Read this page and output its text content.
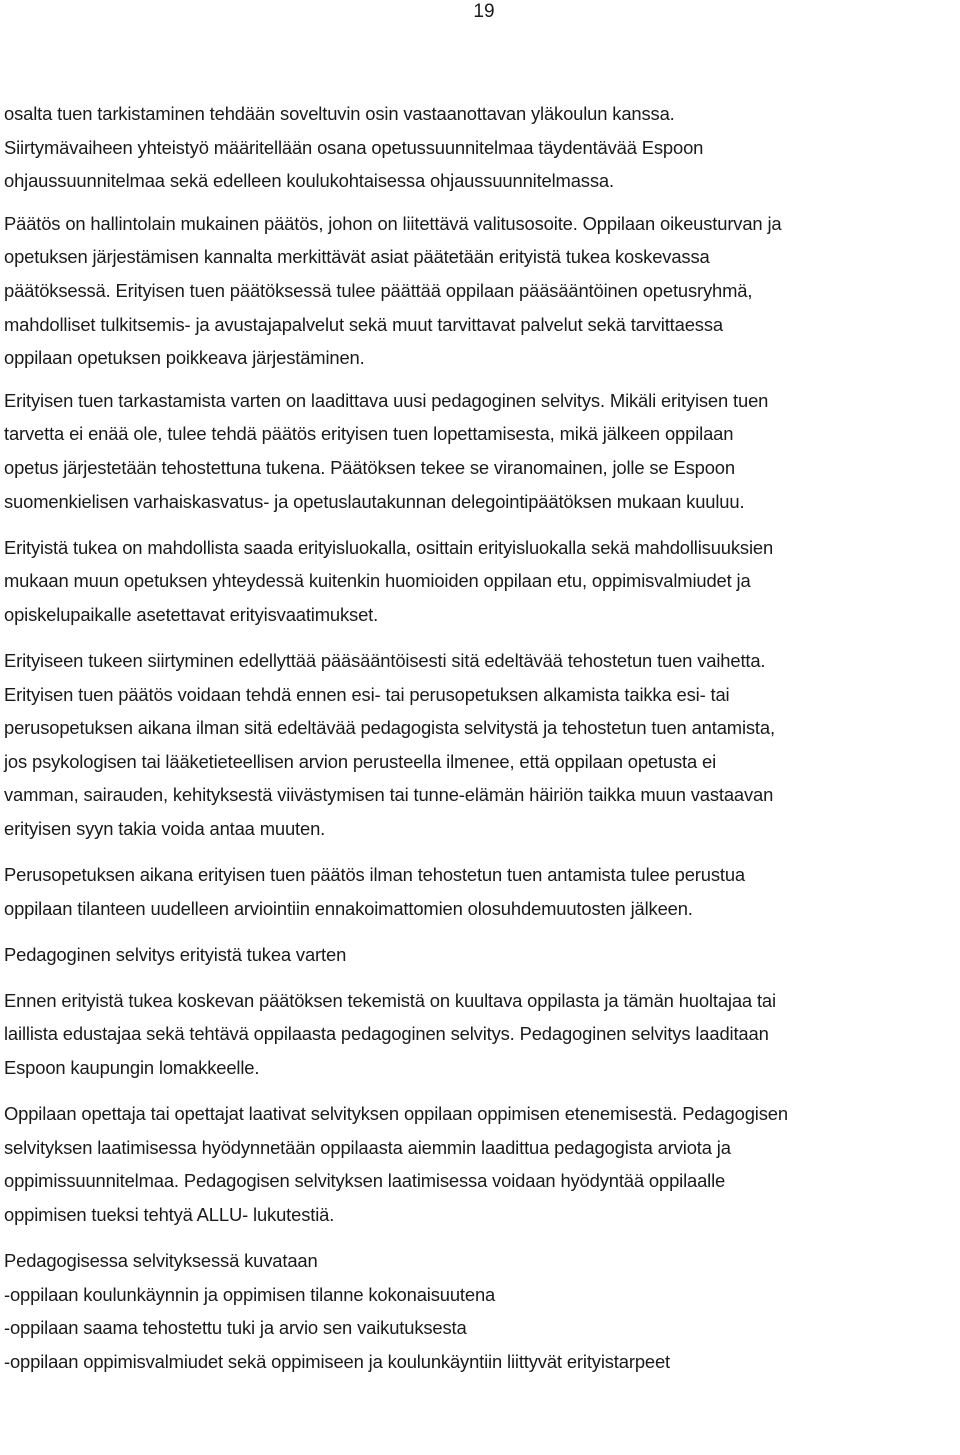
19

osalta tuen tarkistaminen tehdään soveltuvin osin vastaanottavan yläkoulun kanssa.

Siirtymävaiheen yhteistyö määritellään osana opetussuunnitelmaa täydentävää Espoon

ohjaussuunnitelmaa sekä edelleen koulukohtaisessa ohjaussuunnitelmassa.

Päätös on hallintolain mukainen päätös, johon on liitettävä valitusosoite. Oppilaan oikeusturvan ja

opetuksen järjestämisen kannalta merkittävät asiat päätetään erityistä tukea koskevassa

päätöksessä. Erityisen tuen päätöksessä tulee päättää oppilaan pääsääntöinen opetusryhmä,

mahdolliset tulkitsemis- ja avustajapalvelut sekä muut tarvittavat palvelut sekä tarvittaessa

oppilaan opetuksen poikkeava järjestäminen.

Erityisen tuen tarkastamista varten on laadittava uusi pedagoginen selvitys. Mikäli erityisen tuen

tarvetta ei enää ole, tulee tehdä päätös erityisen tuen lopettamisesta, mikä jälkeen oppilaan

opetus järjestetään tehostettuna tukena. Päätöksen tekee se viranomainen, jolle se Espoon

suomenkielisen varhaiskasvatus- ja opetuslautakunnan delegointipäätöksen mukaan kuuluu.

Erityistä tukea on mahdollista saada erityisluokalla, osittain erityisluokalla sekä mahdollisuuksien

mukaan muun opetuksen yhteydessä kuitenkin huomioiden oppilaan etu, oppimisvalmiudet ja

opiskelupaikalle asetettavat erityisvaatimukset.

Erityiseen tukeen siirtyminen edellyttää pääsääntöisesti sitä edeltävää tehostetun tuen vaihetta.

Erityisen tuen päätös voidaan tehdä ennen esi- tai perusopetuksen alkamista taikka esi- tai

perusopetuksen aikana ilman sitä edeltävää pedagogista selvitystä ja tehostetun tuen antamista,

jos psykologisen tai lääketieteellisen arvion perusteella ilmenee, että oppilaan opetusta ei

vamman, sairauden, kehityksestä viivästymisen tai tunne-elämän häiriön taikka muun vastaavan

erityisen syyn takia voida antaa muuten.

Perusopetuksen aikana erityisen tuen päätös ilman tehostetun tuen antamista tulee perustua

oppilaan tilanteen uudelleen arviointiin ennakoimattomien olosuhdemuutosten jälkeen.

Pedagoginen selvitys erityistä tukea varten

Ennen erityistä tukea koskevan päätöksen tekemistä on kuultava oppilasta ja tämän huoltajaa tai

laillista edustajaa sekä tehtävä oppilaasta pedagoginen selvitys. Pedagoginen selvitys laaditaan

Espoon kaupungin lomakkeelle.

Oppilaan opettaja tai opettajat laativat selvityksen oppilaan oppimisen etenemisestä. Pedagogisen

selvityksen laatimisessa hyödynnetään oppilaasta aiemmin laadittua pedagogista arviota ja

oppimissuunnitelmaa. Pedagogisen selvityksen laatimisessa voidaan hyödyntää oppilaalle

oppimisen tueksi tehtyä ALLU- lukutestiä.

Pedagogisessa selvityksessä kuvataan

-oppilaan koulunkäynnin ja oppimisen tilanne kokonaisuutena

-oppilaan saama tehostettu tuki ja arvio sen vaikutuksesta

-oppilaan oppimisvalmiudet sekä oppimiseen ja koulunkäyntiin liittyvät erityistarpeet
